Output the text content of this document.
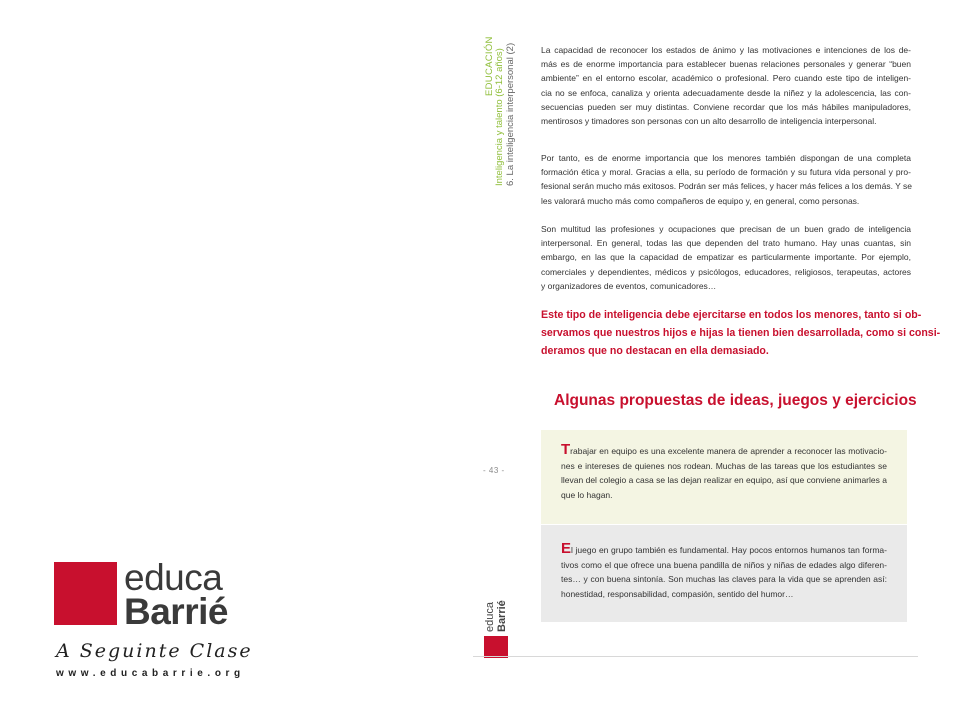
educa
Barrié
A Seguinte Clase
www.educabarrie.org
EDUCACIÓN Inteligencia y talento (6-12 años) 6. La inteligencia interpersonal (2)
- 43 -
educa Barrié
La capacidad de reconocer los estados de ánimo y las motivaciones e intenciones de los de-
más es de enorme importancia para establecer buenas relaciones personales y generar “buen
ambiente” en el entorno escolar, académico o profesional. Pero cuando este tipo de inteligen-
cia no se enfoca, canaliza y orienta adecuadamente desde la niñez y la adolescencia, las con-
secuencias pueden ser muy distintas. Conviene recordar que los más hábiles manipuladores,
mentirosos y timadores son personas con un alto desarrollo de inteligencia interpersonal.
Por tanto, es de enorme importancia que los menores también dispongan de una completa
formación ética y moral. Gracias a ella, su período de formación y su futura vida personal y pro-
fesional serán mucho más exitosos. Podrán ser más felices, y hacer más felices a los demás. Y se
les valorará mucho más como compañeros de equipo y, en general, como personas.
Son multitud las profesiones y ocupaciones que precisan de un buen grado de inteligencia
interpersonal. En general, todas las que dependen del trato humano. Hay unas cuantas, sin
embargo, en las que la capacidad de empatizar es particularmente importante. Por ejemplo,
comerciales y dependientes, médicos y psicólogos, educadores, religiosos, terapeutas, actores
y organizadores de eventos, comunicadores…
Este tipo de inteligencia debe ejercitarse en todos los menores, tanto si ob-
servamos que nuestros hijos e hijas la tienen bien desarrollada, como si consi-
deramos que no destacan en ella demasiado.
Algunas propuestas de ideas, juegos y ejercicios
Trabajar en equipo es una excelente manera de aprender a reconocer las motivacio-
nes e intereses de quienes nos rodean. Muchas de las tareas que los estudiantes se
llevan del colegio a casa se las dejan realizar en equipo, así que conviene animarles a
que lo hagan.
El juego en grupo también es fundamental. Hay pocos entornos humanos tan forma-
tivos como el que ofrece una buena pandilla de niños y niñas de edades algo diferen-
tes… y con buena sintonía. Son muchas las claves para la vida que se aprenden así:
honestidad, responsabilidad, compasión, sentido del humor…
